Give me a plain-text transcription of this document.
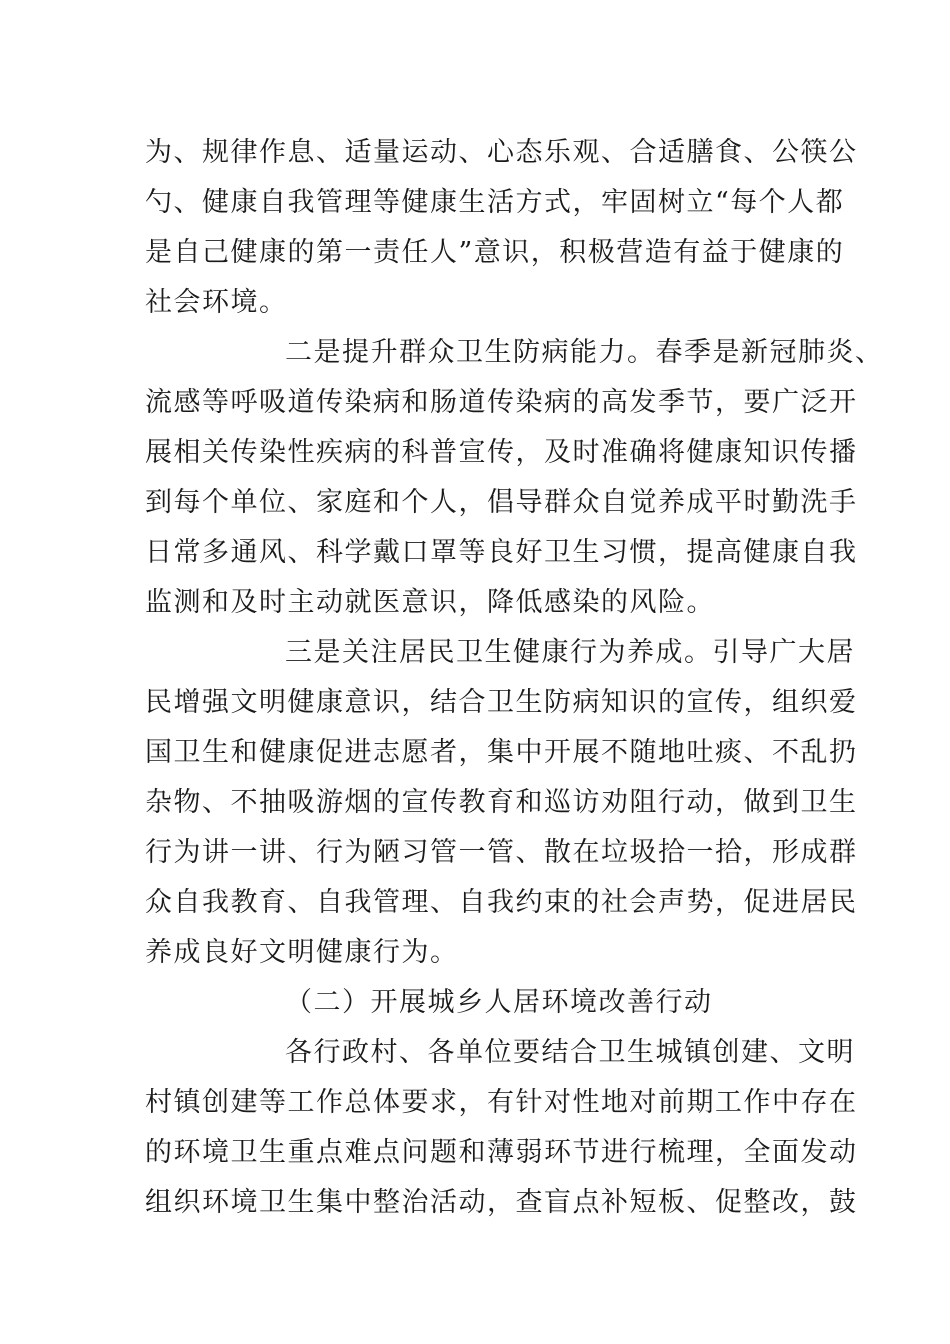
为、规律作息、适量运动、心态乐观、合适膳食、公筷公
勺、健康自我管理等健康生活方式，牢固树立“每个人都
是自己健康的第一责任人”意识，积极营造有益于健康的
社会环境。
二是提升群众卫生防病能力。春季是新冠肺炎、
流感等呼吸道传染病和肠道传染病的高发季节，要广泛开
展相关传染性疾病的科普宣传，及时准确将健康知识传播
到每个单位、家庭和个人，倡导群众自觉养成平时勤洗手
日常多通风、科学戴口罩等良好卫生习惯，提高健康自我
监测和及时主动就医意识，降低感染的风险。
三是关注居民卫生健康行为养成。引导广大居
民增强文明健康意识，结合卫生防病知识的宣传，组织爱
国卫生和健康促进志愿者，集中开展不随地吐痰、不乱扔
杂物、不抽吸游烟的宣传教育和巡访劝阻行动，做到卫生
行为讲一讲、行为陋习管一管、散在垃圾拾一拾，形成群
众自我教育、自我管理、自我约束的社会声势，促进居民
养成良好文明健康行为。
（二）开展城乡人居环境改善行动
各行政村、各单位要结合卫生城镇创建、文明
村镇创建等工作总体要求，有针对性地对前期工作中存在
的环境卫生重点难点问题和薄弱环节进行梳理，全面发动
组织环境卫生集中整治活动，查盲点补短板、促整改，鼓
